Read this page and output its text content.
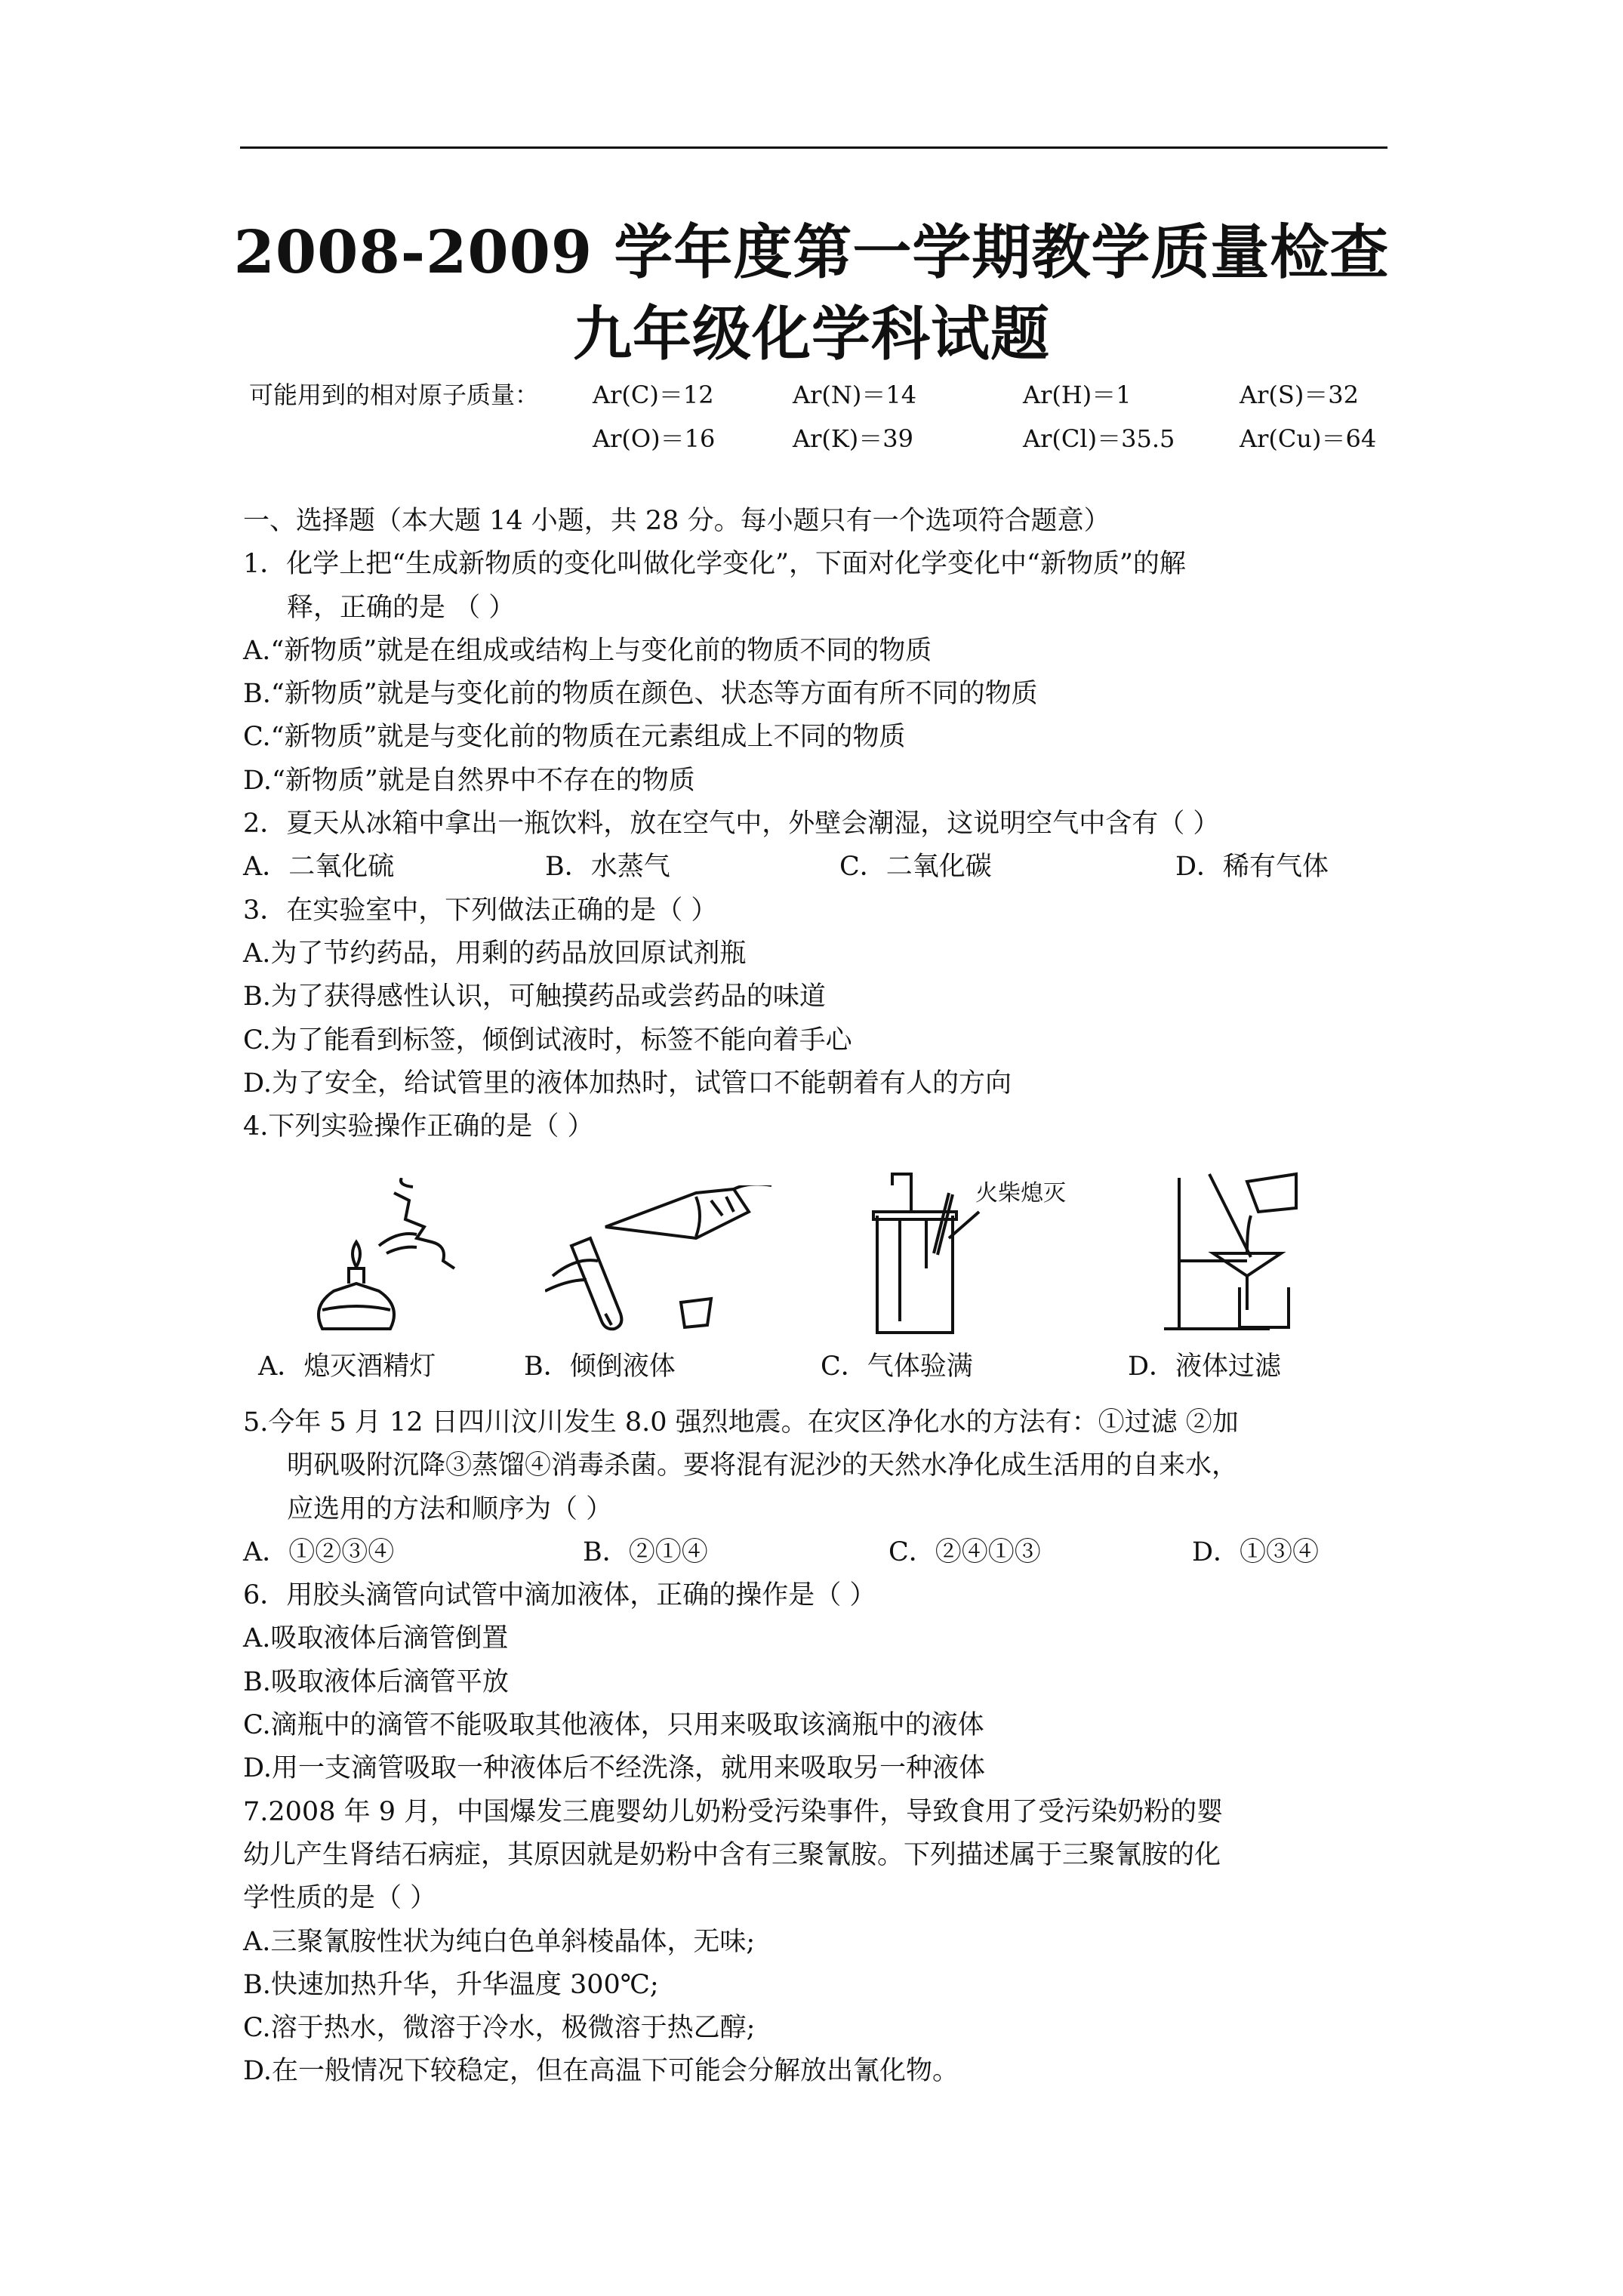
2008-2009 学年度第一学期教学质量检查
九年级化学科试题
可能用到的相对原子质量： Ar(C)＝12	Ar(N)＝14	Ar(H)＝1	Ar(S)＝32
Ar(O)＝16	Ar(K)＝39	Ar(Cl)＝35.5	Ar(Cu)＝64
一、选择题（本大题 14 小题，共 28 分。每小题只有一个选项符合题意）
1．化学上把“生成新物质的变化叫做化学变化”，下面对化学变化中“新物质”的解
释，正确的是 （ ）
A.“新物质”就是在组成或结构上与变化前的物质不同的物质
B.“新物质”就是与变化前的物质在颜色、状态等方面有所不同的物质
C.“新物质”就是与变化前的物质在元素组成上不同的物质
D.“新物质”就是自然界中不存在的物质
2．夏天从冰箱中拿出一瓶饮料，放在空气中，外壁会潮湿，这说明空气中含有（ ）
A．二氧化硫	B．水蒸气	C．二氧化碳	D．稀有气体
3．在实验室中，下列做法正确的是（ ）
A.为了节约药品，用剩的药品放回原试剂瓶
B.为了获得感性认识，可触摸药品或尝药品的味道
C.为了能看到标签，倾倒试液时，标签不能向着手心
D.为了安全，给试管里的液体加热时，试管口不能朝着有人的方向
4.下列实验操作正确的是（ ）
火柴熄灭
A．熄灭酒精灯	B．倾倒液体	C．气体验满	D．液体过滤
5.今年 5 月 12 日四川汶川发生 8.0 强烈地震。在灾区净化水的方法有：①过滤 ②加
明矾吸附沉降③蒸馏④消毒杀菌。要将混有泥沙的天然水净化成生活用的自来水，
应选用的方法和顺序为（ ）
A．①②③④	B．②①④	C．②④①③	D．①③④
6．用胶头滴管向试管中滴加液体，正确的操作是（ ）
A.吸取液体后滴管倒置
B.吸取液体后滴管平放
C.滴瓶中的滴管不能吸取其他液体，只用来吸取该滴瓶中的液体
D.用一支滴管吸取一种液体后不经洗涤，就用来吸取另一种液体
7.2008 年 9 月，中国爆发三鹿婴幼儿奶粉受污染事件，导致食用了受污染奶粉的婴
幼儿产生肾结石病症，其原因就是奶粉中含有三聚氰胺。下列描述属于三聚氰胺的化
学性质的是（ ）
A.三聚氰胺性状为纯白色单斜棱晶体，无味;
B.快速加热升华，升华温度 300℃;
C.溶于热水，微溶于冷水，极微溶于热乙醇;
D.在一般情况下较稳定，但在高温下可能会分解放出氰化物。
